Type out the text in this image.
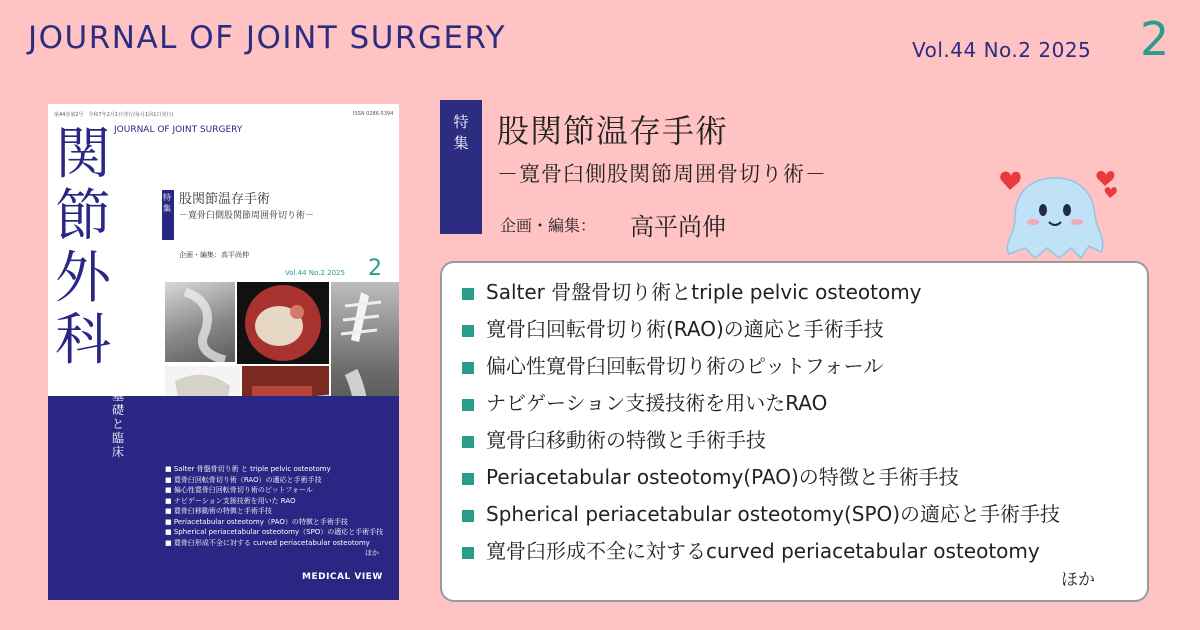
JOURNAL OF JOINT SURGERY	Vol.44 No.2 2025 2
第44巻第2号　令和7年2月1日発行(毎月1回1日発行)	ISSN 0286-5394
関
節
外
科
JOURNAL OF JOINT SURGERY
特
集
股関節温存手術
－寛骨臼側股関節周囲骨切り術－
企画・編集：高平尚伸
Vol.44 No.2 2025 2
基
礎
と
臨
床
■ Salter 骨盤骨切り術 と triple pelvic osteotomy
■ 寛骨臼回転骨切り術（RAO）の適応と手術手技
■ 偏心性寛骨臼回転骨切り術のピットフォール
■ ナビゲーション支援技術を用いた RAO
■ 寛骨臼移動術の特徴と手術手技
■ Periacetabular osteotomy（PAO）の特徴と手術手技
■ Spherical periacetabular osteotomy（SPO）の適応と手術手技
■ 寛骨臼形成不全に対する curved periacetabular osteotomy
ほか
MEDICAL VIEW
特
集 股関節温存手術
－寛骨臼側股関節周囲骨切り術－
企画・編集： 高平尚伸
Salter 骨盤骨切り術とtriple pelvic osteotomy
寛骨臼回転骨切り術(RAO)の適応と手術手技
偏心性寛骨臼回転骨切り術のピットフォール
ナビゲーション支援技術を用いたRAO
寛骨臼移動術の特徴と手術手技
Periacetabular osteotomy(PAO)の特徴と手術手技
Spherical periacetabular osteotomy(SPO)の適応と手術手技
寛骨臼形成不全に対するcurved periacetabular osteotomy
ほか
